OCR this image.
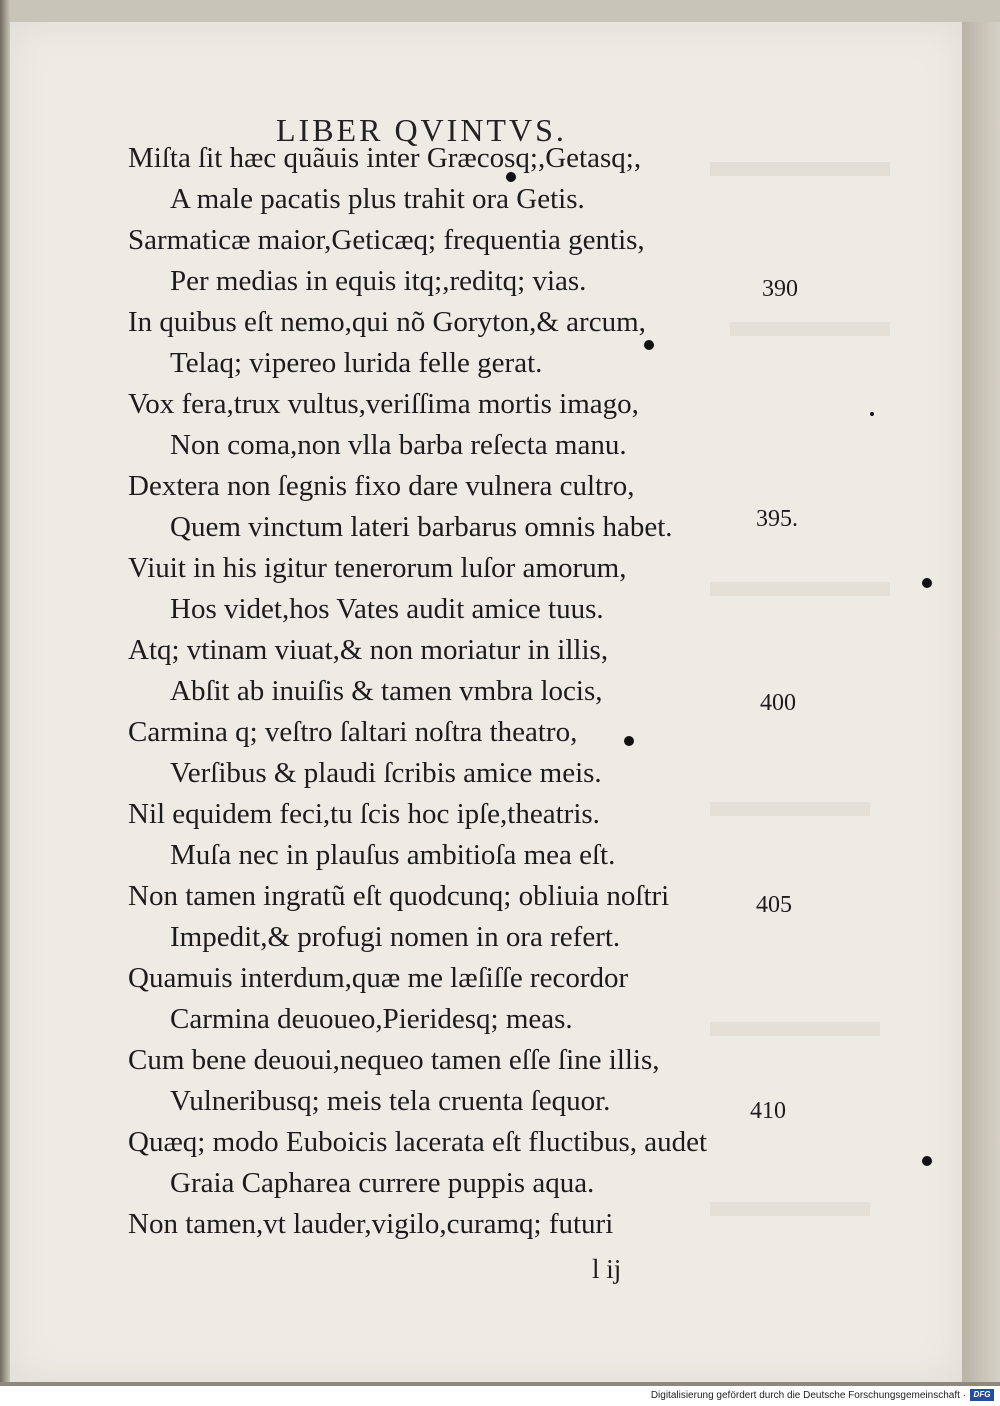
LIBER QVINTVS.
390
395.
400
405
410
l ij
Miſta ſit hæc quãuis inter Græcosq;,Getasq;,
A male pacatis plus trahit ora Getis.
Sarmaticæ maior,Geticæq; frequentia gentis,
Per medias in equis itq;,reditq; vias.
In quibus eſt nemo,qui nõ Goryton,& arcum,
Telaq; vipereo lurida felle gerat.
Vox fera,trux vultus,veriſſima mortis imago,
Non coma,non vlla barba reſecta manu.
Dextera non ſegnis fixo dare vulnera cultro,
Quem vinctum lateri barbarus omnis habet.
Viuit in his igitur tenerorum luſor amorum,
Hos videt,hos Vates audit amice tuus.
Atq; vtinam viuat,& non moriatur in illis,
Abſit ab inuiſis & tamen vmbra locis,
Carmina q; veſtro ſaltari noſtra theatro,
Verſibus & plaudi ſcribis amice meis.
Nil equidem feci,tu ſcis hoc ipſe,theatris.
Muſa nec in plauſus ambitioſa mea eſt.
Non tamen ingratũ eſt quodcunq; obliuia noſtri
Impedit,& profugi nomen in ora refert.
Quamuis interdum,quæ me læſiſſe recordor
Carmina deuoueo,Pieridesq; meas.
Cum bene deuoui,nequeo tamen eſſe ſine illis,
Vulneribusq; meis tela cruenta ſequor.
Quæq; modo Euboicis lacerata eſt fluctibus, audet
Graia Capharea currere puppis aqua.
Non tamen,vt lauder,vigilo,curamq; futuri
Digitalisierung gefördert durch die Deutsche Forschungsgemeinschaft · DFG
